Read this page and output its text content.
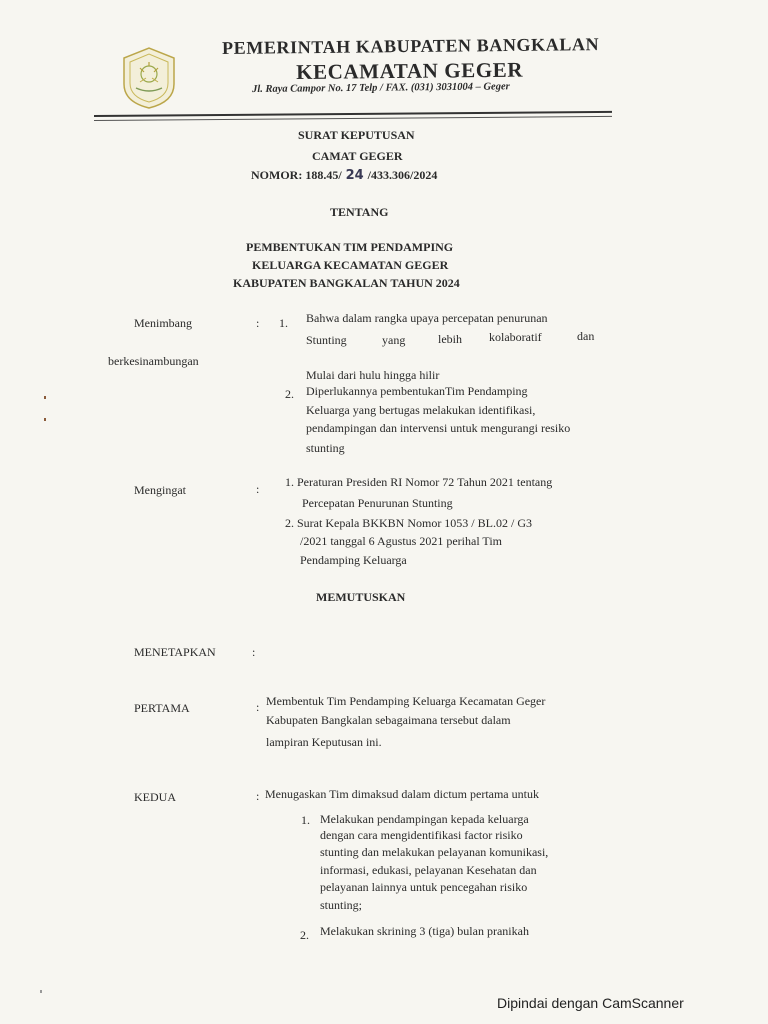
PEMERINTAH KABUPATEN BANGKALAN
KECAMATAN GEGER
Jl. Raya Campor No. 17 Telp / FAX. (031) 3031004 – Geger
SURAT KEPUTUSAN
CAMAT GEGER
NOMOR: 188.45/ 24 /433.306/2024
TENTANG
PEMBENTUKAN TIM PENDAMPING
KELUARGA KECAMATAN GEGER
KABUPATEN BANGKALAN TAHUN 2024
Menimbang	: 1. Bahwa dalam rangka upaya percepatan penurunan
Stunting	yang	lebih kolaboratif	dan
berkesinambungan
Mulai dari hulu hingga hilir
2. Diperlukannya pembentukanTim Pendamping
Keluarga yang bertugas melakukan identifikasi,
pendampingan dan intervensi untuk mengurangi resiko
stunting
Mengingat	: 1. Peraturan Presiden RI Nomor 72 Tahun 2021 tentang
Percepatan Penurunan Stunting
2. Surat Kepala BKKBN Nomor 1053 / BL.02 / G3
/2021 tanggal 6 Agustus 2021 perihal Tim
Pendamping Keluarga
MEMUTUSKAN
MENETAPKAN	:
PERTAMA	: Membentuk Tim Pendamping Keluarga Kecamatan Geger
Kabupaten Bangkalan sebagaimana tersebut dalam
lampiran Keputusan ini.
KEDUA	: Menugaskan Tim dimaksud dalam dictum pertama untuk
1. Melakukan pendampingan kepada keluarga
dengan cara mengidentifikasi factor risiko
stunting dan melakukan pelayanan komunikasi,
informasi, edukasi, pelayanan Kesehatan dan
pelayanan lainnya untuk pencegahan risiko
stunting;
2. Melakukan skrining 3 (tiga) bulan pranikah
Dipindai dengan CamScanner
